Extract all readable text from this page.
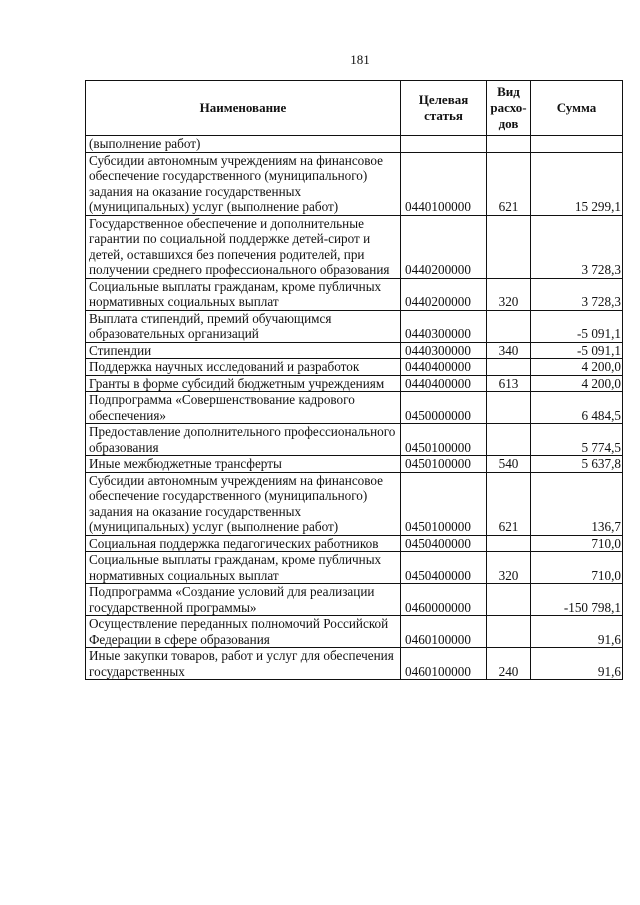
181
Наименование	Целевая статья	Вид расхо-дов	Сумма
(выполнение работ)			
Субсидии автономным учреждениям на финансовое обеспечение государственного (муниципального) задания на оказание государственных (муниципальных) услуг (выполнение работ)	0440100000	621	15 299,1
Государственное обеспечение и дополнительные гарантии по социальной поддержке детей-сирот и детей, оставшихся без попечения родителей, при получении среднего профессионального образования	0440200000		3 728,3
Социальные выплаты гражданам, кроме публичных нормативных социальных выплат	0440200000	320	3 728,3
Выплата стипендий, премий обучающимся образовательных организаций	0440300000		-5 091,1
Стипендии	0440300000	340	-5 091,1
Поддержка научных исследований и разработок	0440400000		4 200,0
Гранты в форме субсидий бюджетным учреждениям	0440400000	613	4 200,0
Подпрограмма «Совершенствование кадрового обеспечения»	0450000000		6 484,5
Предоставление дополнительного профессионального образования	0450100000		5 774,5
Иные межбюджетные трансферты	0450100000	540	5 637,8
Субсидии автономным учреждениям на финансовое обеспечение государственного (муниципального) задания на оказание государственных (муниципальных) услуг (выполнение работ)	0450100000	621	136,7
Социальная поддержка педагогических работников	0450400000		710,0
Социальные выплаты гражданам, кроме публичных нормативных социальных выплат	0450400000	320	710,0
Подпрограмма «Создание условий для реализации государственной программы»	0460000000		-150 798,1
Осуществление переданных полномочий Российской Федерации в сфере образования	0460100000		91,6
Иные закупки товаров, работ и услуг для обеспечения государственных	0460100000	240	91,6
